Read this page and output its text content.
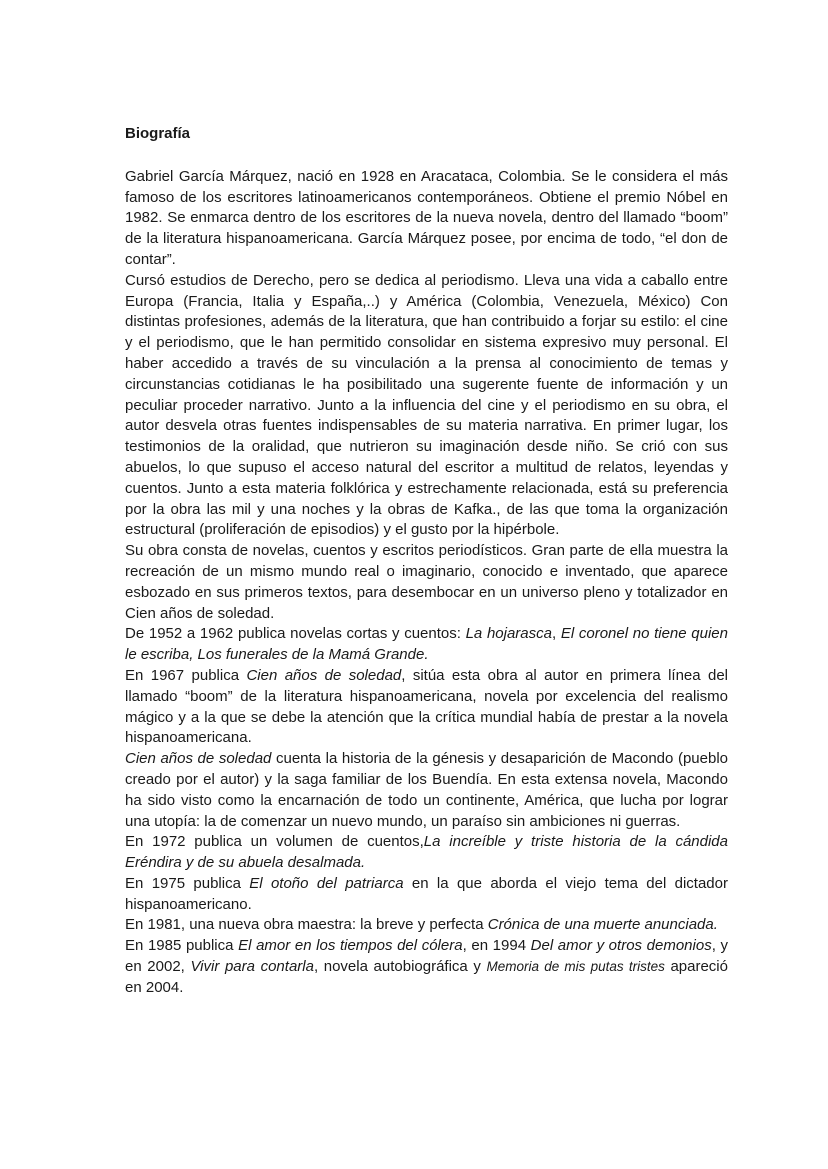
Biografía

Gabriel García Márquez, nació en 1928 en Aracataca, Colombia. Se le considera el más famoso de los escritores latinoamericanos contemporáneos. Obtiene el premio Nóbel en 1982. Se enmarca dentro de los escritores de la nueva novela, dentro del llamado “boom” de la literatura hispanoamericana. García Márquez posee, por encima de todo, “el don de contar”.

Cursó estudios de Derecho, pero se dedica al periodismo. Lleva una vida a caballo entre Europa (Francia, Italia y España,..) y América (Colombia, Venezuela, México) Con distintas profesiones, además de la literatura, que han contribuido a forjar su estilo: el cine y el periodismo, que le han permitido consolidar en sistema expresivo muy personal. El haber accedido a través de su vinculación a la prensa al conocimiento de temas y circunstancias cotidianas le ha posibilitado una sugerente fuente de información y un peculiar proceder narrativo. Junto a la influencia del cine y el periodismo en su obra, el autor desvela otras fuentes indispensables de su materia narrativa. En primer lugar, los testimonios de la oralidad, que nutrieron su imaginación desde niño. Se crió con sus abuelos, lo que supuso el acceso natural del escritor a multitud de relatos, leyendas y cuentos. Junto a esta materia folklórica y estrechamente relacionada, está su preferencia por la obra las mil y una noches y la obras de Kafka., de las que toma la organización estructural (proliferación de episodios) y el gusto por la hipérbole.

Su obra consta de novelas, cuentos y escritos periodísticos. Gran parte de ella muestra la recreación de un mismo mundo real o imaginario, conocido e inventado, que aparece esbozado en sus primeros textos, para desembocar en un universo pleno y totalizador en Cien años de soledad.

De 1952 a 1962 publica novelas cortas y cuentos: La hojarasca, El coronel no tiene quien le escriba, Los funerales de la Mamá Grande.

En 1967 publica Cien años de soledad, sitúa esta obra al autor en primera línea del llamado “boom” de la literatura hispanoamericana, novela por excelencia del realismo mágico y a la que se debe la atención que la crítica mundial había de prestar a la novela hispanoamericana.

Cien años de soledad cuenta la historia de la génesis y desaparición de Macondo (pueblo creado por el autor) y la saga familiar de los Buendía. En esta extensa novela, Macondo ha sido visto como la encarnación de todo un continente, América, que lucha por lograr una utopía: la de comenzar un nuevo mundo, un paraíso sin ambiciones ni guerras.

En 1972 publica un volumen de cuentos,La increíble y triste historia de la cándida Eréndira y de su abuela desalmada.

En 1975 publica El otoño del patriarca en la que aborda el viejo tema del dictador hispanoamericano.

En 1981, una nueva obra maestra: la breve y perfecta Crónica de una muerte anunciada.

En 1985 publica El amor en los tiempos del cólera, en 1994 Del amor y otros demonios, y en 2002, Vivir para contarla, novela autobiográfica y Memoria de mis putas tristes apareció en 2004.
